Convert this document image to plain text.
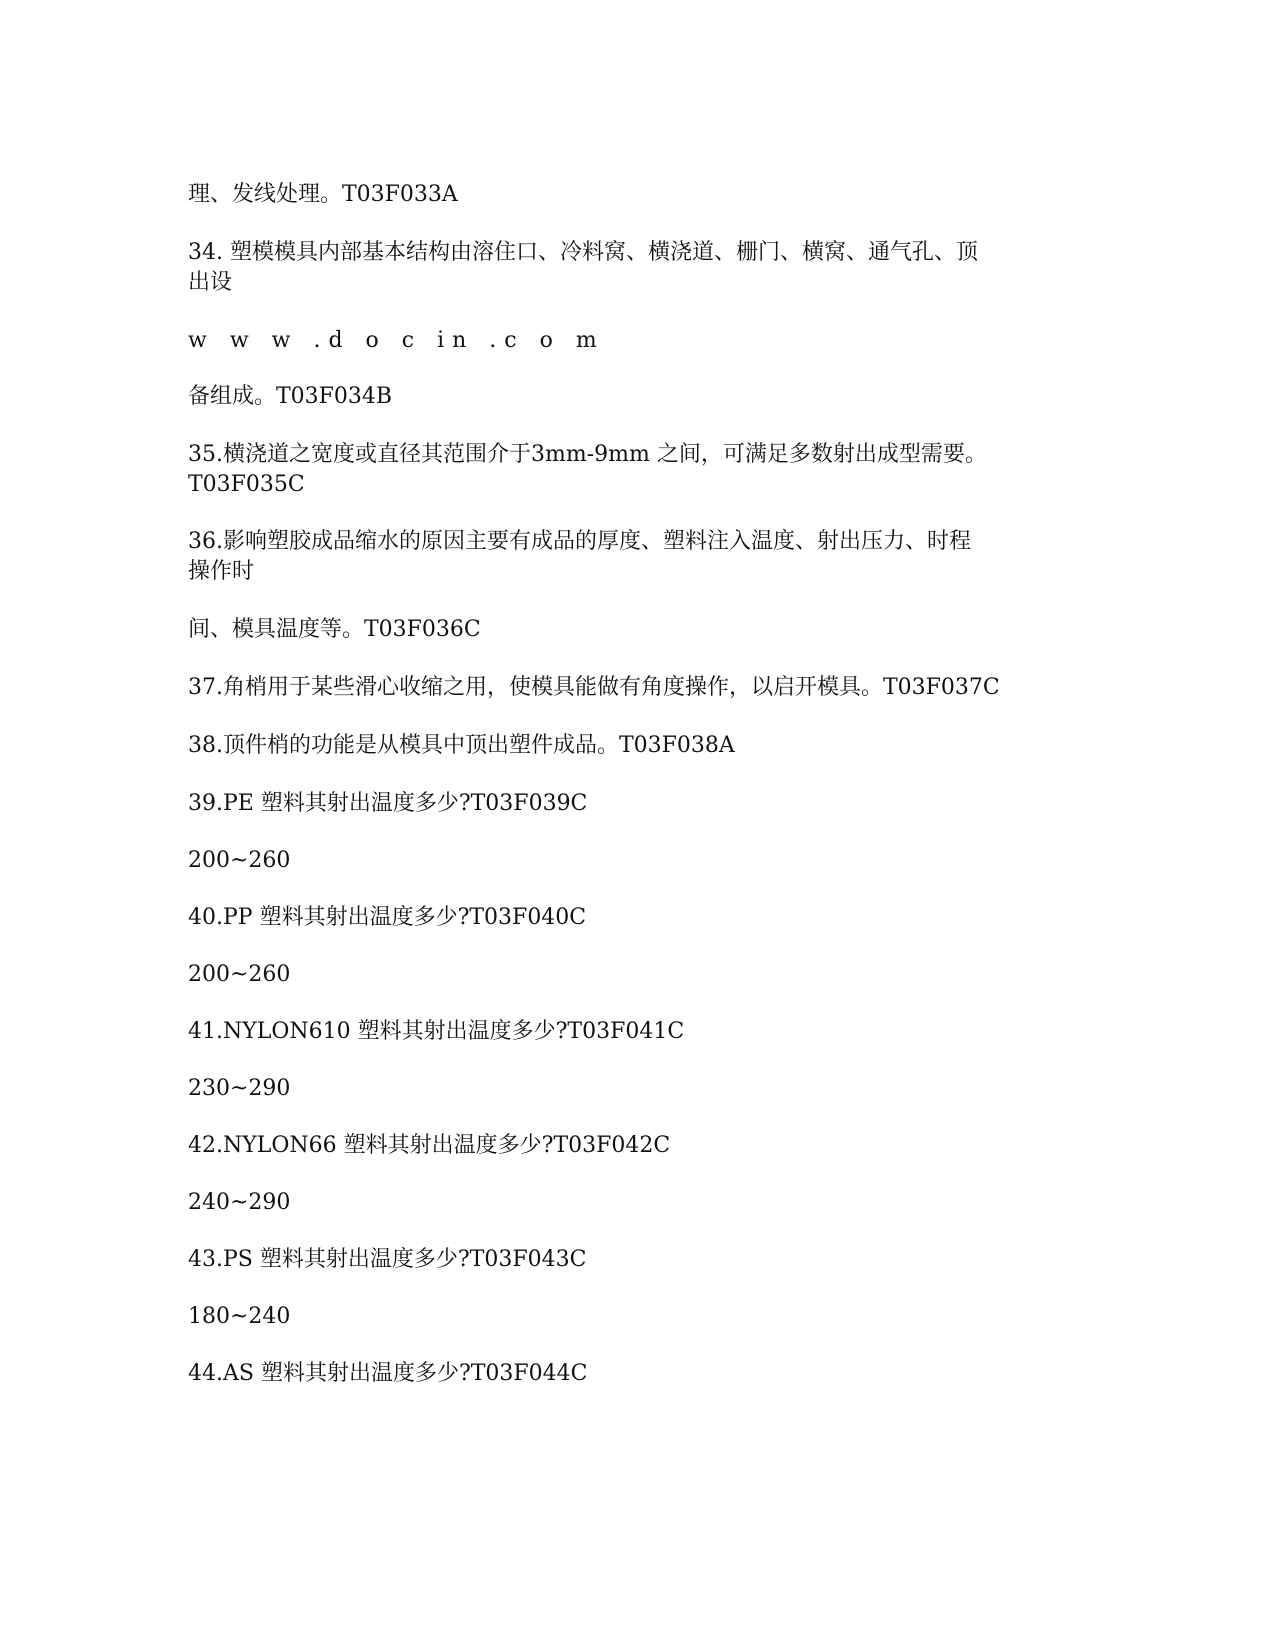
理、发线处理。T03F033A

34. 塑模模具内部基本结构由溶住口、冷料窝、横浇道、栅门、横窝、通气孔、顶

出设

w w w .d o c in .c o m

备组成。T03F034B

35.横浇道之宽度或直径其范围介于3mm-9mm 之间，可满足多数射出成型需要。

T03F035C

36.影响塑胶成品缩水的原因主要有成品的厚度、塑料注入温度、射出压力、时程

操作时

间、模具温度等。T03F036C

37.角梢用于某些滑心收缩之用，使模具能做有角度操作，以启开模具。T03F037C

38.顶件梢的功能是从模具中顶出塑件成品。T03F038A

39.PE 塑料其射出温度多少?T03F039C

200~260

40.PP 塑料其射出温度多少?T03F040C

200~260

41.NYLON610 塑料其射出温度多少?T03F041C

230~290

42.NYLON66 塑料其射出温度多少?T03F042C

240~290

43.PS 塑料其射出温度多少?T03F043C

180~240

44.AS 塑料其射出温度多少?T03F044C
